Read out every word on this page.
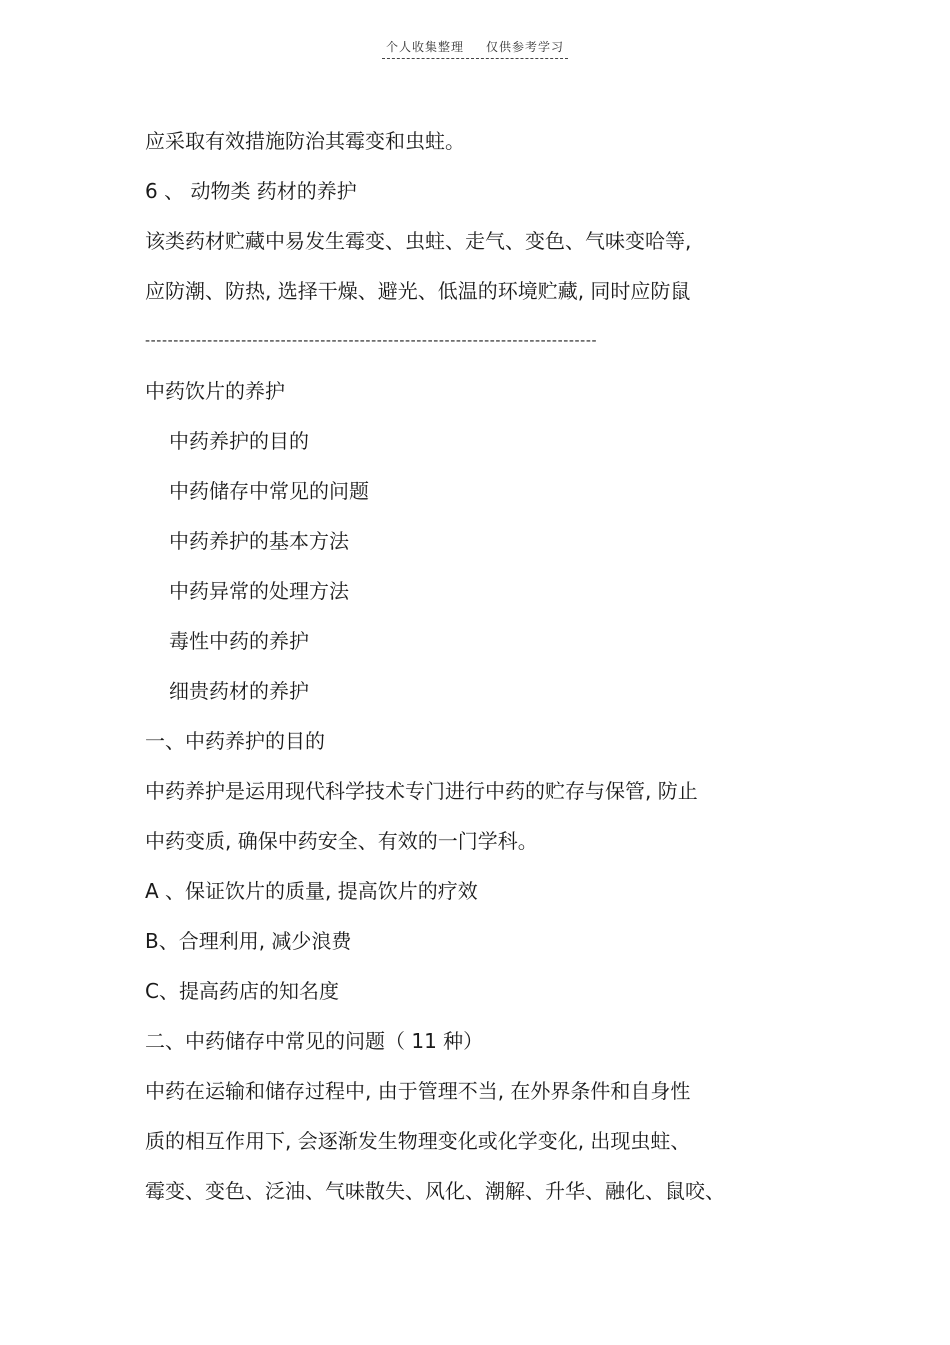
个人收集整理 仅供参考学习
应采取有效措施防治其霉变和虫蛀。
6 、 动物类 药材的养护
该类药材贮藏中易发生霉变、虫蛀、走气、变色、气味变哈等,
应防潮、防热, 选择干燥、避光、低温的环境贮藏, 同时应防鼠
--------------------------------------------------------------------------------
中药饮片的养护
中药养护的目的
中药储存中常见的问题
中药养护的基本方法
中药异常的处理方法
毒性中药的养护
细贵药材的养护
一、中药养护的目的
中药养护是运用现代科学技术专门进行中药的贮存与保管, 防止
中药变质, 确保中药安全、有效的一门学科。
A 、保证饮片的质量, 提高饮片的疗效
B、合理利用, 减少浪费
C、提高药店的知名度
二、中药储存中常见的问题（ 11 种）
中药在运输和储存过程中, 由于管理不当, 在外界条件和自身性
质的相互作用下, 会逐渐发生物理变化或化学变化, 出现虫蛀、
霉变、变色、泛油、气味散失、风化、潮解、升华、融化、鼠咬、
